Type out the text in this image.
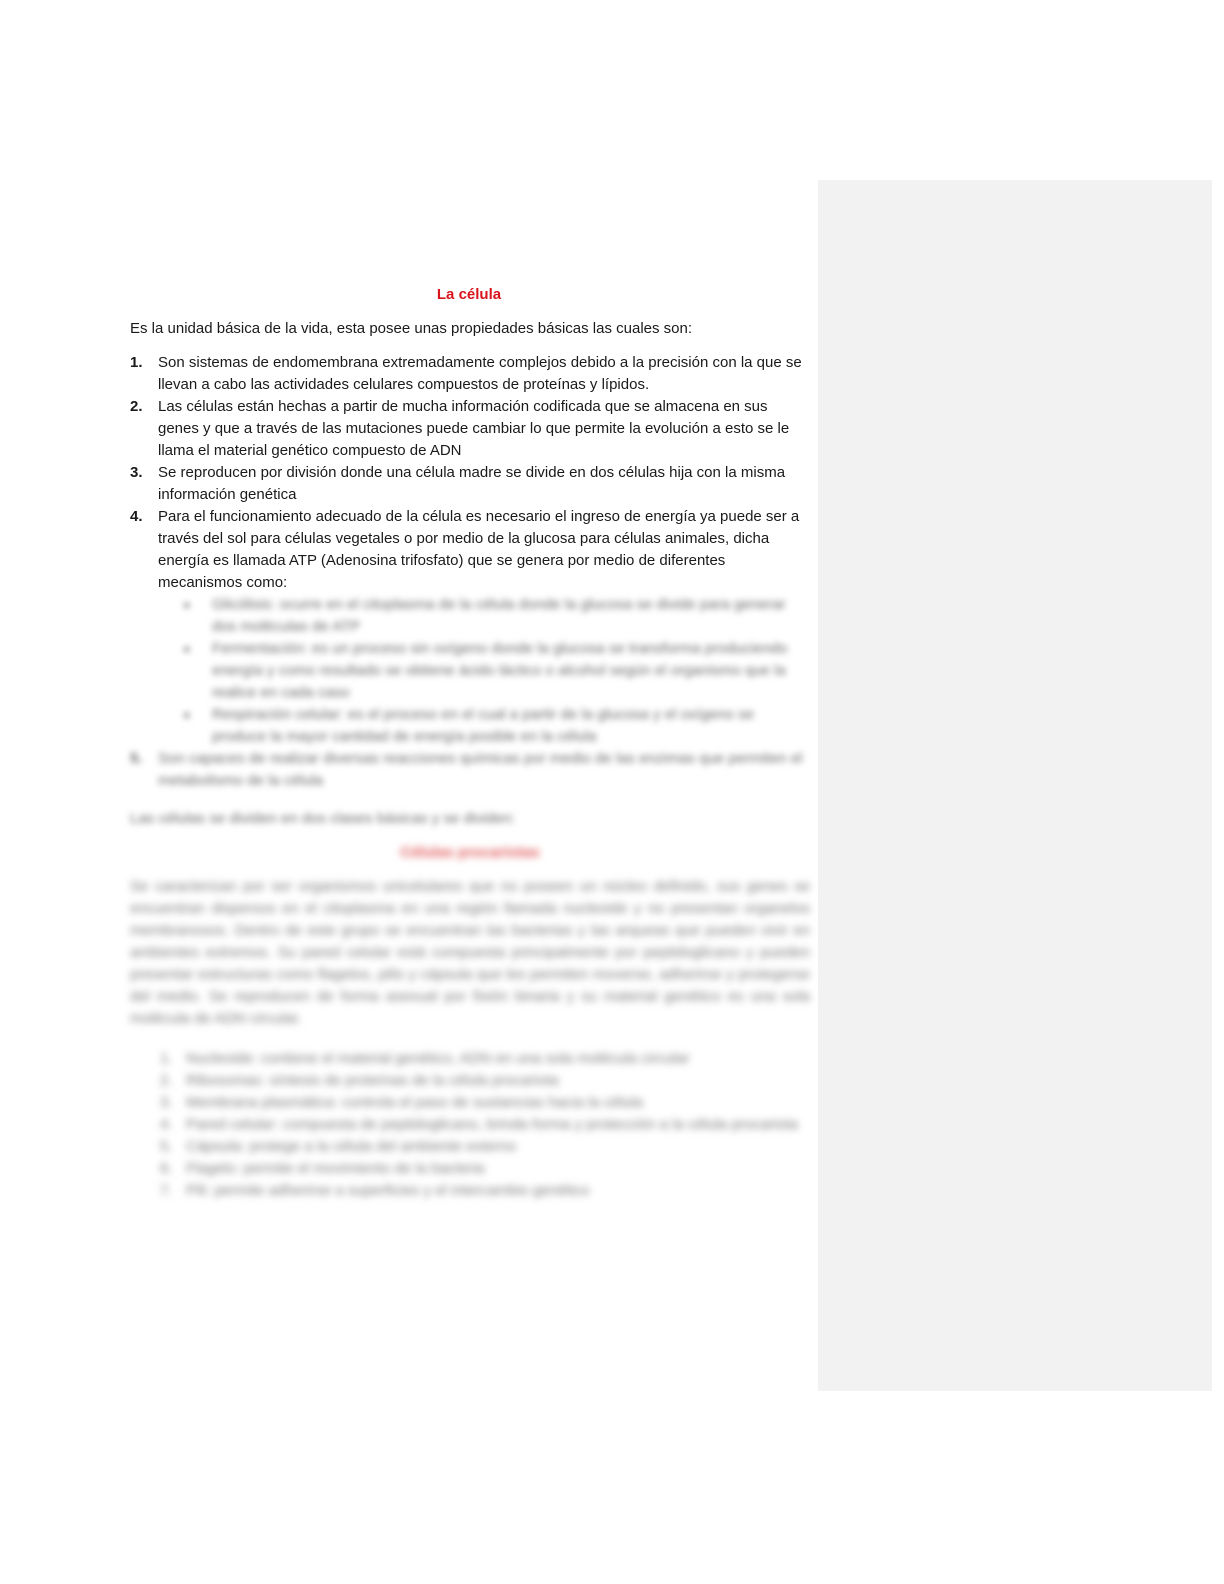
La célula

Es la unidad básica de la vida, esta posee unas propiedades básicas las cuales son:

1. Son sistemas de endomembrana extremadamente complejos debido a la precisión con la que se llevan a cabo las actividades celulares compuestos de proteínas y lípidos.
2. Las células están hechas a partir de mucha información codificada que se almacena en sus genes y que a través de las mutaciones puede cambiar lo que permite la evolución a esto se le llama el material genético compuesto de ADN
3. Se reproducen por división donde una célula madre se divide en dos células hija con la misma información genética
4. Para el funcionamiento adecuado de la célula es necesario el ingreso de energía ya puede ser a través del sol para células vegetales o por medio de la glucosa para células animales, dicha energía es llamada ATP (Adenosina trifosfato) que se genera por medio de diferentes mecanismos como:
■ Glicólisis: ocurre en el citoplasma de la célula donde la glucosa se divide para generar dos moléculas de ATP
■ Fermentación: es un proceso sin oxígeno donde la glucosa se transforma produciendo energía y como resultado se obtiene ácido láctico o alcohol según el organismo que la realice en cada caso
■ Respiración celular: es el proceso en el cual a partir de la glucosa y el oxígeno se produce la mayor cantidad de energía posible en la célula
5. Son capaces de realizar diversas reacciones químicas por medio de las enzimas que permiten el metabolismo de la célula

Las células se dividen en dos clases básicas y se dividen:

Células procariotas

Se caracterizan por ser organismos unicelulares que no poseen un núcleo definido, sus genes se encuentran dispersos en el citoplasma en una región llamada nucleoide y no presentan organelos membranosos. Dentro de este grupo se encuentran las bacterias y las arqueas que pueden vivir en ambientes extremos. Su pared celular está compuesta principalmente por peptidoglicano y pueden presentar estructuras como flagelos, pilis y cápsula que les permiten moverse, adherirse y protegerse del medio. Se reproducen de forma asexual por fisión binaria y su material genético es una sola molécula de ADN circular.

1. Nucleoide: contiene el material genético, ADN en una sola molécula circular
2. Ribosomas: síntesis de proteínas de la célula procariota
3. Membrana plasmática: controla el paso de sustancias hacia la célula
4. Pared celular: compuesta de peptidoglicano, brinda forma y protección a la célula procariota
5. Cápsula: protege a la célula del ambiente externo
6. Flagelo: permite el movimiento de la bacteria
7. Pili: permite adherirse a superficies y el intercambio genético
